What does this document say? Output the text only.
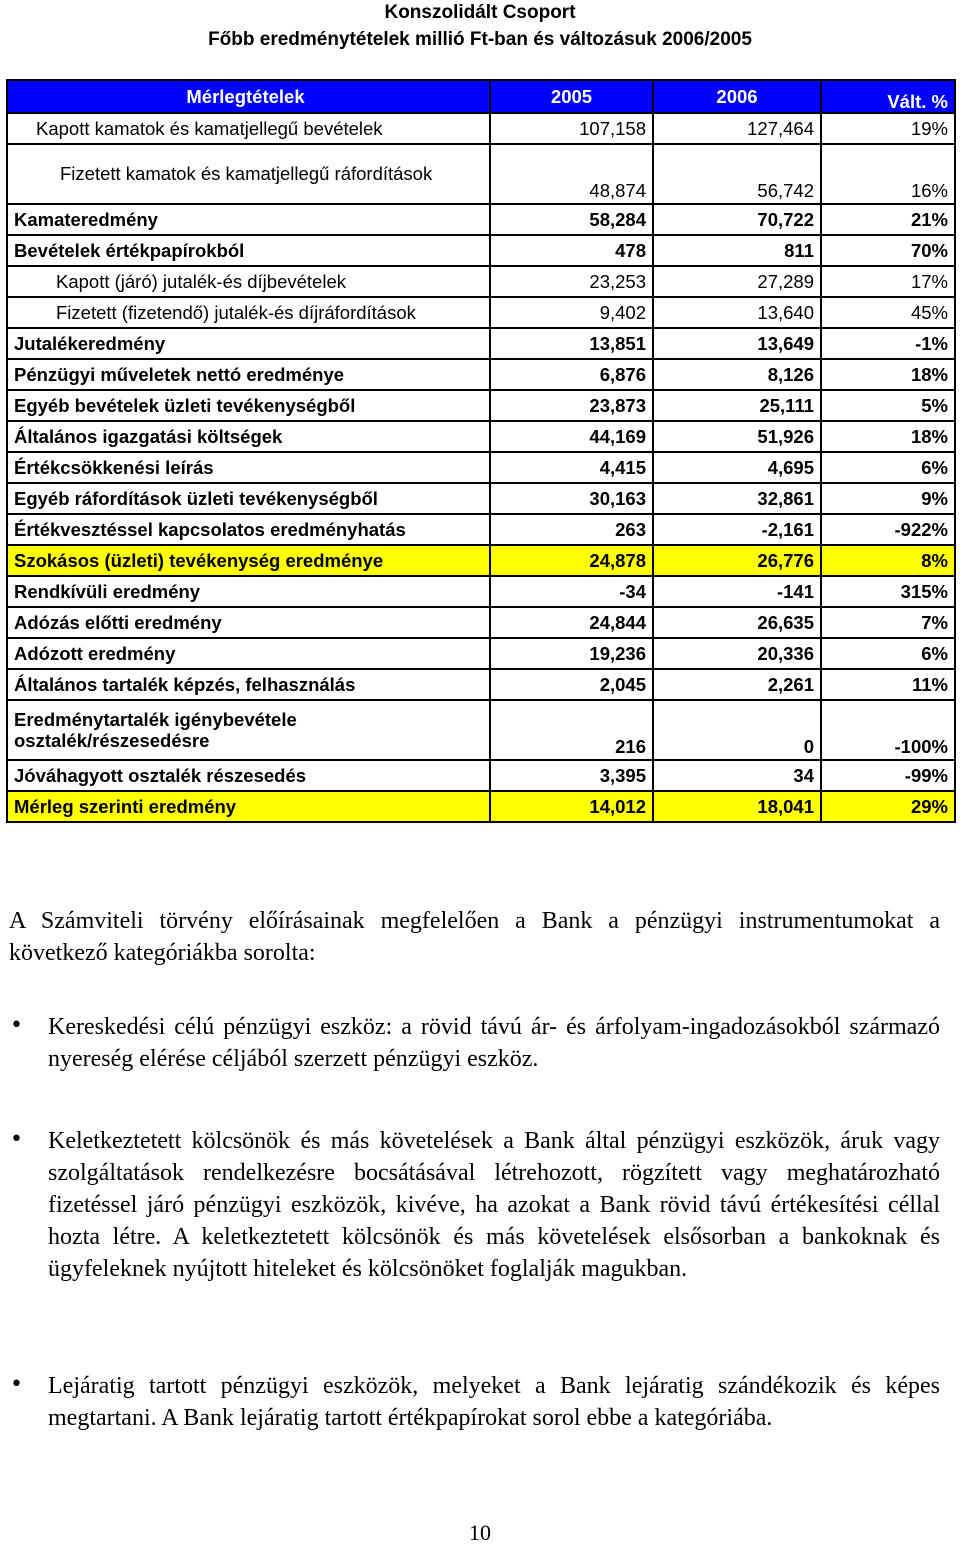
Konszolidált Csoport
Főbb eredménytételek millió Ft-ban és változásuk 2006/2005
Mérlegtételek	2005	2006	Vált. %
Kapott kamatok és kamatjellegű bevételek	107,158	127,464	19%

Fizetett kamatok és kamatjellegű ráfordítások	48,874	56,742	16%
Kamateredmény	58,284	70,722	21%
Bevételek értékpapírokból	478	811	70%
Kapott (járó) jutalék-és díjbevételek	23,253	27,289	17%
Fizetett (fizetendő) jutalék-és díjráfordítások	9,402	13,640	45%
Jutalékeredmény	13,851	13,649	-1%
Pénzügyi műveletek nettó eredménye	6,876	8,126	18%
Egyéb bevételek üzleti tevékenységből	23,873	25,111	5%
Általános igazgatási költségek	44,169	51,926	18%
Értékcsökkenési leírás	4,415	4,695	6%
Egyéb ráfordítások üzleti tevékenységből	30,163	32,861	9%
Értékvesztéssel kapcsolatos eredményhatás	263	-2,161	-922%
Szokásos (üzleti) tevékenység eredménye	24,878	26,776	8%
Rendkívüli eredmény	-34	-141	315%
Adózás előtti eredmény	24,844	26,635	7%
Adózott eredmény	19,236	20,336	6%
Általános tartalék képzés, felhasználás	2,045	2,261	11%

Eredménytartalék igénybevétele osztalék/részesedésre	216	0	-100%
Jóváhagyott osztalék részesedés	3,395	34	-99%
Mérleg szerinti eredmény	14,012	18,041	29%
A Számviteli törvény előírásainak megfelelően a Bank a pénzügyi instrumentumokat a következő kategóriákba sorolta:
• Kereskedési célú pénzügyi eszköz: a rövid távú ár- és árfolyam-ingadozásokból származó nyereség elérése céljából szerzett pénzügyi eszköz.
• Keletkeztetett kölcsönök és más követelések a Bank által pénzügyi eszközök, áruk vagy szolgáltatások rendelkezésre bocsátásával létrehozott, rögzített vagy meghatározható fizetéssel járó pénzügyi eszközök, kivéve, ha azokat a Bank rövid távú értékesítési céllal hozta létre. A keletkeztetett kölcsönök és más követelések elsősorban a bankoknak és ügyfeleknek nyújtott hiteleket és kölcsönöket foglalják magukban.
• Lejáratig tartott pénzügyi eszközök, melyeket a Bank lejáratig szándékozik és képes megtartani. A Bank lejáratig tartott értékpapírokat sorol ebbe a kategóriába.
10
